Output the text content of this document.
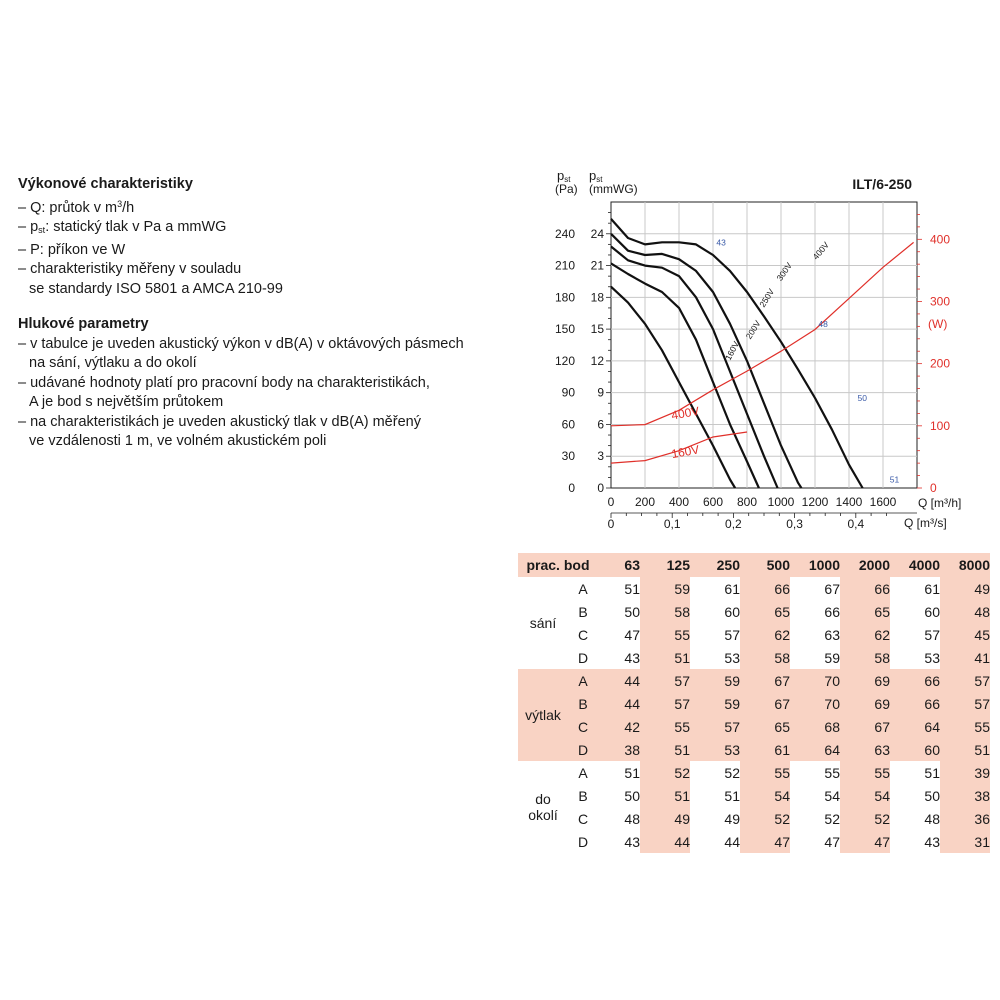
Výkonové charakteristiky
– Q: průtok v $m^3/h$
– $p_{st}$: statický tlak v Pa a mmWG
– P: příkon ve W
– charakteristiky měřeny v souladu
se standardy ISO 5801 a AMCA 210-99
Hlukové parametry
– v tabulce je uveden akustický výkon v dB(A) v oktávových pásmech
na sání, výtlaku a do okolí
– udávané hodnoty platí pro pracovní body na charakteristikách,
A je bod s největším průtokem
– na charakteristikách je uveden akustický tlak v dB(A) měřený
ve vzdálenosti 1 m, ve volném akustickém poli
0
30
60
90
120
150
180
210
240
0
3
6
9
12
15
18
21
24
pst
(Pa)
pst
(mmWG)	ILT/6-250
0
100
200
300
400
(W)
0 200 400 600 800 1000 1200 1400 1600 Q [m³/h]
0	0,1	0,2	0,3	0,4	Q [m³/s]
160V
200V
250V
300V
400V
160V
400V
43
48
50
51
prac. bod		63	125	250	500	1000	2000	4000	8000

sání	A	51	59	61	66	67	66	61	49
	B	50	58	60	65	66	65	60	48
	C	47	55	57	62	63	62	57	45
	D	43	51	53	58	59	58	53	41

výtlak	A	44	57	59	67	70	69	66	57
	B	44	57	59	67	70	69	66	57
	C	42	55	57	65	68	67	64	55
	D	38	51	53	61	64	63	60	51

do
okolí	A	51	52	52	55	55	55	51	39
	B	50	51	51	54	54	54	50	38
	C	48	49	49	52	52	52	48	36
	D	43	44	44	47	47	47	43	31
